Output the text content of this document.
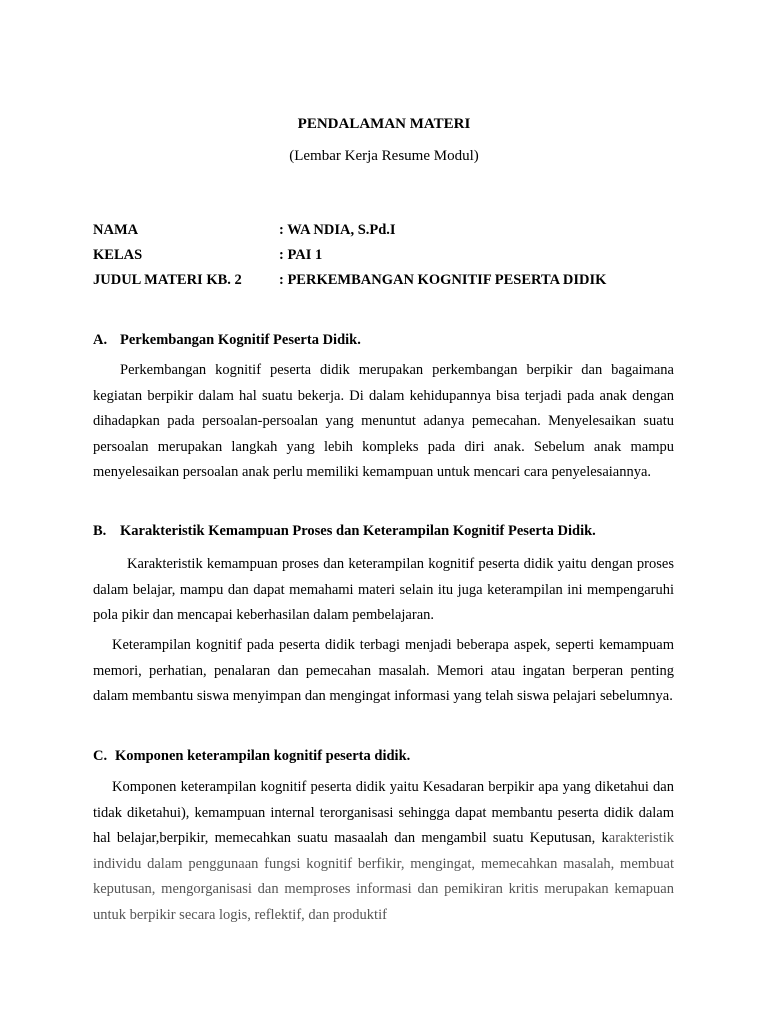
PENDALAMAN MATERI
(Lembar Kerja Resume Modul)
NAMA	: WA NDIA, S.Pd.I
KELAS	: PAI 1
JUDUL MATERI KB. 2	: PERKEMBANGAN KOGNITIF PESERTA DIDIK
A. Perkembangan Kognitif Peserta Didik.

Perkembangan kognitif peserta didik merupakan perkembangan berpikir dan bagaimana kegiatan berpikir dalam hal suatu bekerja. Di dalam kehidupannya bisa terjadi pada anak dengan dihadapkan pada persoalan-persoalan yang menuntut adanya pemecahan. Menyelesaikan suatu persoalan merupakan langkah yang lebih kompleks pada diri anak. Sebelum anak mampu menyelesaikan persoalan anak perlu memiliki kemampuan untuk mencari cara penyelesaiannya.

B. Karakteristik Kemampuan Proses dan Keterampilan Kognitif Peserta Didik.

Karakteristik kemampuan proses dan keterampilan kognitif peserta didik yaitu dengan proses dalam belajar, mampu dan dapat memahami materi selain itu juga keterampilan ini mempengaruhi pola pikir dan mencapai keberhasilan dalam pembelajaran.

Keterampilan kognitif pada peserta didik terbagi menjadi beberapa aspek, seperti kemampuam memori, perhatian, penalaran dan pemecahan masalah. Memori atau ingatan berperan penting dalam membantu siswa menyimpan dan mengingat informasi yang telah siswa pelajari sebelumnya.

C. Komponen keterampilan kognitif peserta didik.

Komponen keterampilan kognitif peserta didik yaitu Kesadaran berpikir apa yang diketahui dan tidak diketahui), kemampuan internal terorganisasi sehingga dapat membantu peserta didik dalam hal belajar,berpikir, memecahkan suatu masaalah dan mengambil suatu Keputusan, karakteristik individu dalam penggunaan fungsi kognitif berfikir, mengingat, memecahkan masalah, membuat keputusan, mengorganisasi dan memproses informasi dan pemikiran kritis merupakan kemapuan untuk berpikir secara logis, reflektif, dan produktif
